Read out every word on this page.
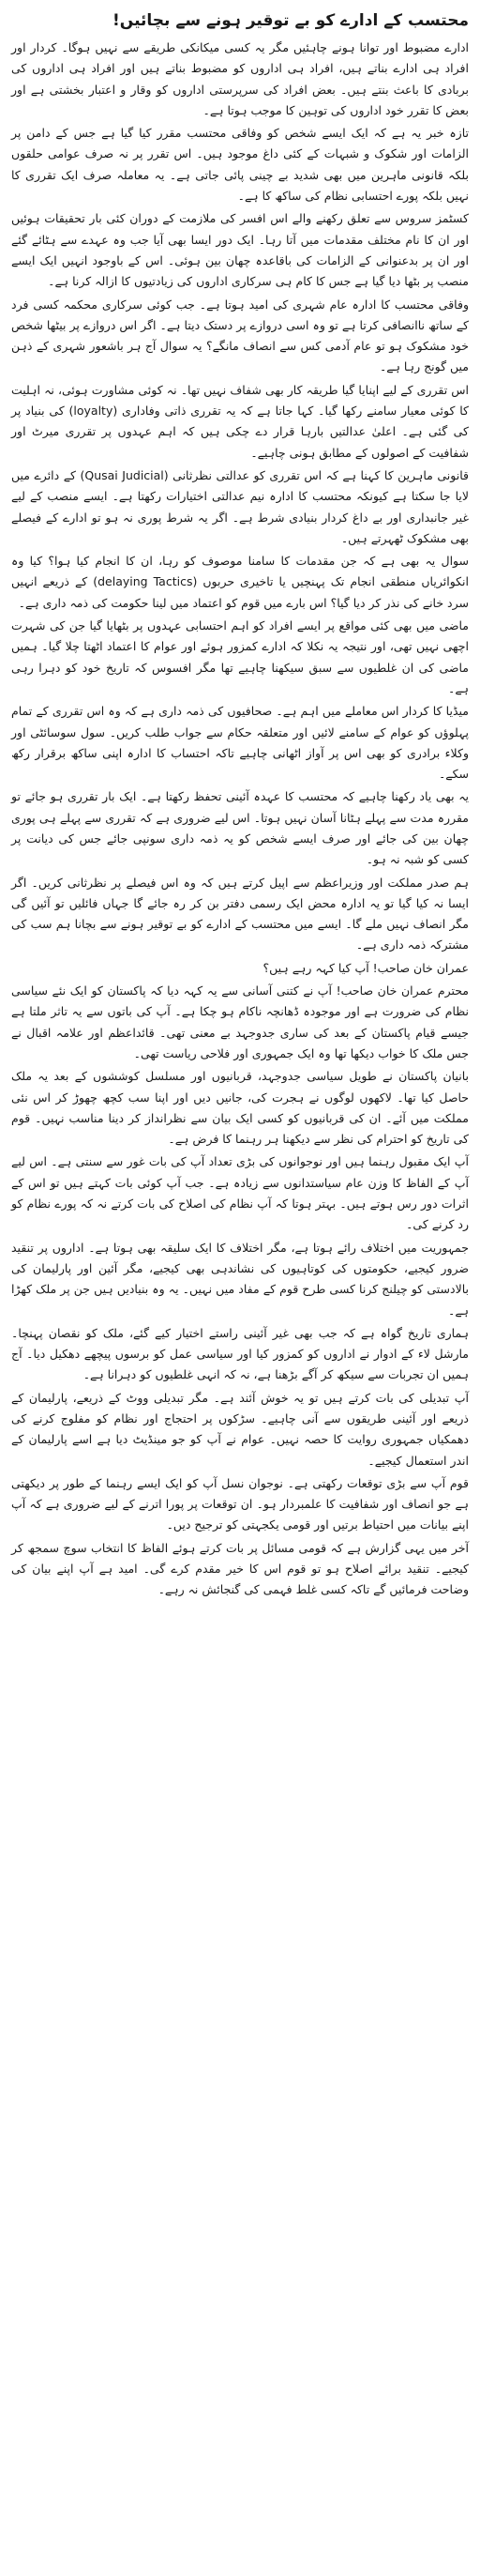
محتسب کے ادارے کو بے توقیر ہونے سے بچائیں!

ادارے مضبوط اور توانا ہونے چاہئیں مگر یہ کسی میکانکی طریقے سے نہیں ہوگا۔ کردار اور افراد ہی ادارے بناتے ہیں، افراد ہی اداروں کو مضبوط بناتے ہیں اور افراد ہی اداروں کی بربادی کا باعث بنتے ہیں۔ بعض افراد کی سرپرستی اداروں کو وقار و اعتبار بخشتی ہے اور بعض کا تقرر خود اداروں کی توہین کا موجب ہوتا ہے۔

تازہ خبر یہ ہے کہ ایک ایسے شخص کو وفاقی محتسب مقرر کیا گیا ہے جس کے دامن پر الزامات اور شکوک و شبہات کے کئی داغ موجود ہیں۔ اس تقرر پر نہ صرف عوامی حلقوں بلکہ قانونی ماہرین میں بھی شدید بے چینی پائی جاتی ہے۔ یہ معاملہ صرف ایک تقرری کا نہیں بلکہ پورے احتسابی نظام کی ساکھ کا ہے۔

کسٹمز سروس سے تعلق رکھنے والے اس افسر کی ملازمت کے دوران کئی بار تحقیقات ہوئیں اور ان کا نام مختلف مقدمات میں آتا رہا۔ ایک دور ایسا بھی آیا جب وہ عہدے سے ہٹائے گئے اور ان پر بدعنوانی کے الزامات کی باقاعدہ چھان بین ہوئی۔ اس کے باوجود انہیں ایک ایسے منصب پر بٹھا دیا گیا ہے جس کا کام ہی سرکاری اداروں کی زیادتیوں کا ازالہ کرنا ہے۔

وفاقی محتسب کا ادارہ عام شہری کی امید ہوتا ہے۔ جب کوئی سرکاری محکمہ کسی فرد کے ساتھ ناانصافی کرتا ہے تو وہ اسی دروازے پر دستک دیتا ہے۔ اگر اس دروازے پر بیٹھا شخص خود مشکوک ہو تو عام آدمی کس سے انصاف مانگے؟ یہ سوال آج ہر باشعور شہری کے ذہن میں گونج رہا ہے۔

اس تقرری کے لیے اپنایا گیا طریقہ کار بھی شفاف نہیں تھا۔ نہ کوئی مشاورت ہوئی، نہ اہلیت کا کوئی معیار سامنے رکھا گیا۔ کہا جاتا ہے کہ یہ تقرری ذاتی وفاداری (loyalty) کی بنیاد پر کی گئی ہے۔ اعلیٰ عدالتیں بارہا قرار دے چکی ہیں کہ اہم عہدوں پر تقرری میرٹ اور شفافیت کے اصولوں کے مطابق ہونی چاہیے۔

قانونی ماہرین کا کہنا ہے کہ اس تقرری کو عدالتی نظرثانی (Qusai Judicial) کے دائرے میں لایا جا سکتا ہے کیونکہ محتسب کا ادارہ نیم عدالتی اختیارات رکھتا ہے۔ ایسے منصب کے لیے غیر جانبداری اور بے داغ کردار بنیادی شرط ہے۔ اگر یہ شرط پوری نہ ہو تو ادارے کے فیصلے بھی مشکوک ٹھہرتے ہیں۔

سوال یہ بھی ہے کہ جن مقدمات کا سامنا موصوف کو رہا، ان کا انجام کیا ہوا؟ کیا وہ انکوائریاں منطقی انجام تک پہنچیں یا تاخیری حربوں (delaying Tactics) کے ذریعے انہیں سرد خانے کی نذر کر دیا گیا؟ اس بارے میں قوم کو اعتماد میں لینا حکومت کی ذمہ داری ہے۔

ماضی میں بھی کئی مواقع پر ایسے افراد کو اہم احتسابی عہدوں پر بٹھایا گیا جن کی شہرت اچھی نہیں تھی، اور نتیجہ یہ نکلا کہ ادارے کمزور ہوئے اور عوام کا اعتماد اٹھتا چلا گیا۔ ہمیں ماضی کی ان غلطیوں سے سبق سیکھنا چاہیے تھا مگر افسوس کہ تاریخ خود کو دہرا رہی ہے۔

میڈیا کا کردار اس معاملے میں اہم ہے۔ صحافیوں کی ذمہ داری ہے کہ وہ اس تقرری کے تمام پہلوؤں کو عوام کے سامنے لائیں اور متعلقہ حکام سے جواب طلب کریں۔ سول سوسائٹی اور وکلاء برادری کو بھی اس پر آواز اٹھانی چاہیے تاکہ احتساب کا ادارہ اپنی ساکھ برقرار رکھ سکے۔

یہ بھی یاد رکھنا چاہیے کہ محتسب کا عہدہ آئینی تحفظ رکھتا ہے۔ ایک بار تقرری ہو جائے تو مقررہ مدت سے پہلے ہٹانا آسان نہیں ہوتا۔ اس لیے ضروری ہے کہ تقرری سے پہلے ہی پوری چھان بین کی جائے اور صرف ایسے شخص کو یہ ذمہ داری سونپی جائے جس کی دیانت پر کسی کو شبہ نہ ہو۔

ہم صدر مملکت اور وزیراعظم سے اپیل کرتے ہیں کہ وہ اس فیصلے پر نظرثانی کریں۔ اگر ایسا نہ کیا گیا تو یہ ادارہ محض ایک رسمی دفتر بن کر رہ جائے گا جہاں فائلیں تو آئیں گی مگر انصاف نہیں ملے گا۔ ایسے میں محتسب کے ادارے کو بے توقیر ہونے سے بچانا ہم سب کی مشترکہ ذمہ داری ہے۔

عمران خان صاحب! آپ کیا کہہ رہے ہیں؟

محترم عمران خان صاحب! آپ نے کتنی آسانی سے یہ کہہ دیا کہ پاکستان کو ایک نئے سیاسی نظام کی ضرورت ہے اور موجودہ ڈھانچہ ناکام ہو چکا ہے۔ آپ کی باتوں سے یہ تاثر ملتا ہے جیسے قیام پاکستان کے بعد کی ساری جدوجہد بے معنی تھی۔ قائداعظم اور علامہ اقبال نے جس ملک کا خواب دیکھا تھا وہ ایک جمہوری اور فلاحی ریاست تھی۔

بانیان پاکستان نے طویل سیاسی جدوجہد، قربانیوں اور مسلسل کوششوں کے بعد یہ ملک حاصل کیا تھا۔ لاکھوں لوگوں نے ہجرت کی، جانیں دیں اور اپنا سب کچھ چھوڑ کر اس نئی مملکت میں آئے۔ ان کی قربانیوں کو کسی ایک بیان سے نظرانداز کر دینا مناسب نہیں۔ قوم کی تاریخ کو احترام کی نظر سے دیکھنا ہر رہنما کا فرض ہے۔

آپ ایک مقبول رہنما ہیں اور نوجوانوں کی بڑی تعداد آپ کی بات غور سے سنتی ہے۔ اس لیے آپ کے الفاظ کا وزن عام سیاستدانوں سے زیادہ ہے۔ جب آپ کوئی بات کہتے ہیں تو اس کے اثرات دور رس ہوتے ہیں۔ بہتر ہوتا کہ آپ نظام کی اصلاح کی بات کرتے نہ کہ پورے نظام کو رد کرنے کی۔

جمہوریت میں اختلاف رائے ہوتا ہے، مگر اختلاف کا ایک سلیقہ بھی ہوتا ہے۔ اداروں پر تنقید ضرور کیجیے، حکومتوں کی کوتاہیوں کی نشاندہی بھی کیجیے، مگر آئین اور پارلیمان کی بالادستی کو چیلنج کرنا کسی طرح قوم کے مفاد میں نہیں۔ یہ وہ بنیادیں ہیں جن پر ملک کھڑا ہے۔

ہماری تاریخ گواہ ہے کہ جب بھی غیر آئینی راستے اختیار کیے گئے، ملک کو نقصان پہنچا۔ مارشل لاء کے ادوار نے اداروں کو کمزور کیا اور سیاسی عمل کو برسوں پیچھے دھکیل دیا۔ آج ہمیں ان تجربات سے سیکھ کر آگے بڑھنا ہے، نہ کہ انہی غلطیوں کو دہرانا ہے۔

آپ تبدیلی کی بات کرتے ہیں تو یہ خوش آئند ہے۔ مگر تبدیلی ووٹ کے ذریعے، پارلیمان کے ذریعے اور آئینی طریقوں سے آنی چاہیے۔ سڑکوں پر احتجاج اور نظام کو مفلوج کرنے کی دھمکیاں جمہوری روایت کا حصہ نہیں۔ عوام نے آپ کو جو مینڈیٹ دیا ہے اسے پارلیمان کے اندر استعمال کیجیے۔

قوم آپ سے بڑی توقعات رکھتی ہے۔ نوجوان نسل آپ کو ایک ایسے رہنما کے طور پر دیکھتی ہے جو انصاف اور شفافیت کا علمبردار ہو۔ ان توقعات پر پورا اترنے کے لیے ضروری ہے کہ آپ اپنے بیانات میں احتیاط برتیں اور قومی یکجہتی کو ترجیح دیں۔

آخر میں یہی گزارش ہے کہ قومی مسائل پر بات کرتے ہوئے الفاظ کا انتخاب سوچ سمجھ کر کیجیے۔ تنقید برائے اصلاح ہو تو قوم اس کا خیر مقدم کرے گی۔ امید ہے آپ اپنے بیان کی وضاحت فرمائیں گے تاکہ کسی غلط فہمی کی گنجائش نہ رہے۔
